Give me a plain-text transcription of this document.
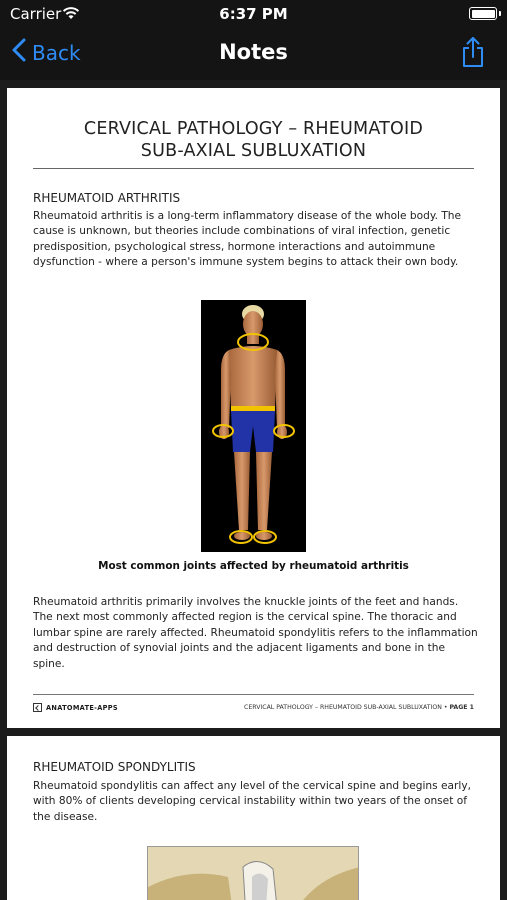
Carrier	6:37 PM
Back	Notes
CERVICAL PATHOLOGY – RHEUMATOID
SUB-AXIAL SUBLUXATION
RHEUMATOID ARTHRITIS
Rheumatoid arthritis is a long-term inflammatory disease of the whole body. The cause is unknown, but theories include combinations of viral infection, genetic predisposition, psychological stress, hormone interactions and autoimmune dysfunction - where a person's immune system begins to attack their own body.
Most common joints affected by rheumatoid arthritis
Rheumatoid arthritis primarily involves the knuckle joints of the feet and hands. The next most commonly affected region is the cervical spine. The thoracic and lumbar spine are rarely affected. Rheumatoid spondylitis refers to the inflammation and destruction of synovial joints and the adjacent ligaments and bone in the spine.
ANATOMATE-APPS	CERVICAL PATHOLOGY – RHEUMATOID SUB-AXIAL SUBLUXATION • PAGE 1
RHEUMATOID SPONDYLITIS
Rheumatoid spondylitis can affect any level of the cervical spine and begins early, with 80% of clients developing cervical instability within two years of the onset of the disease.
